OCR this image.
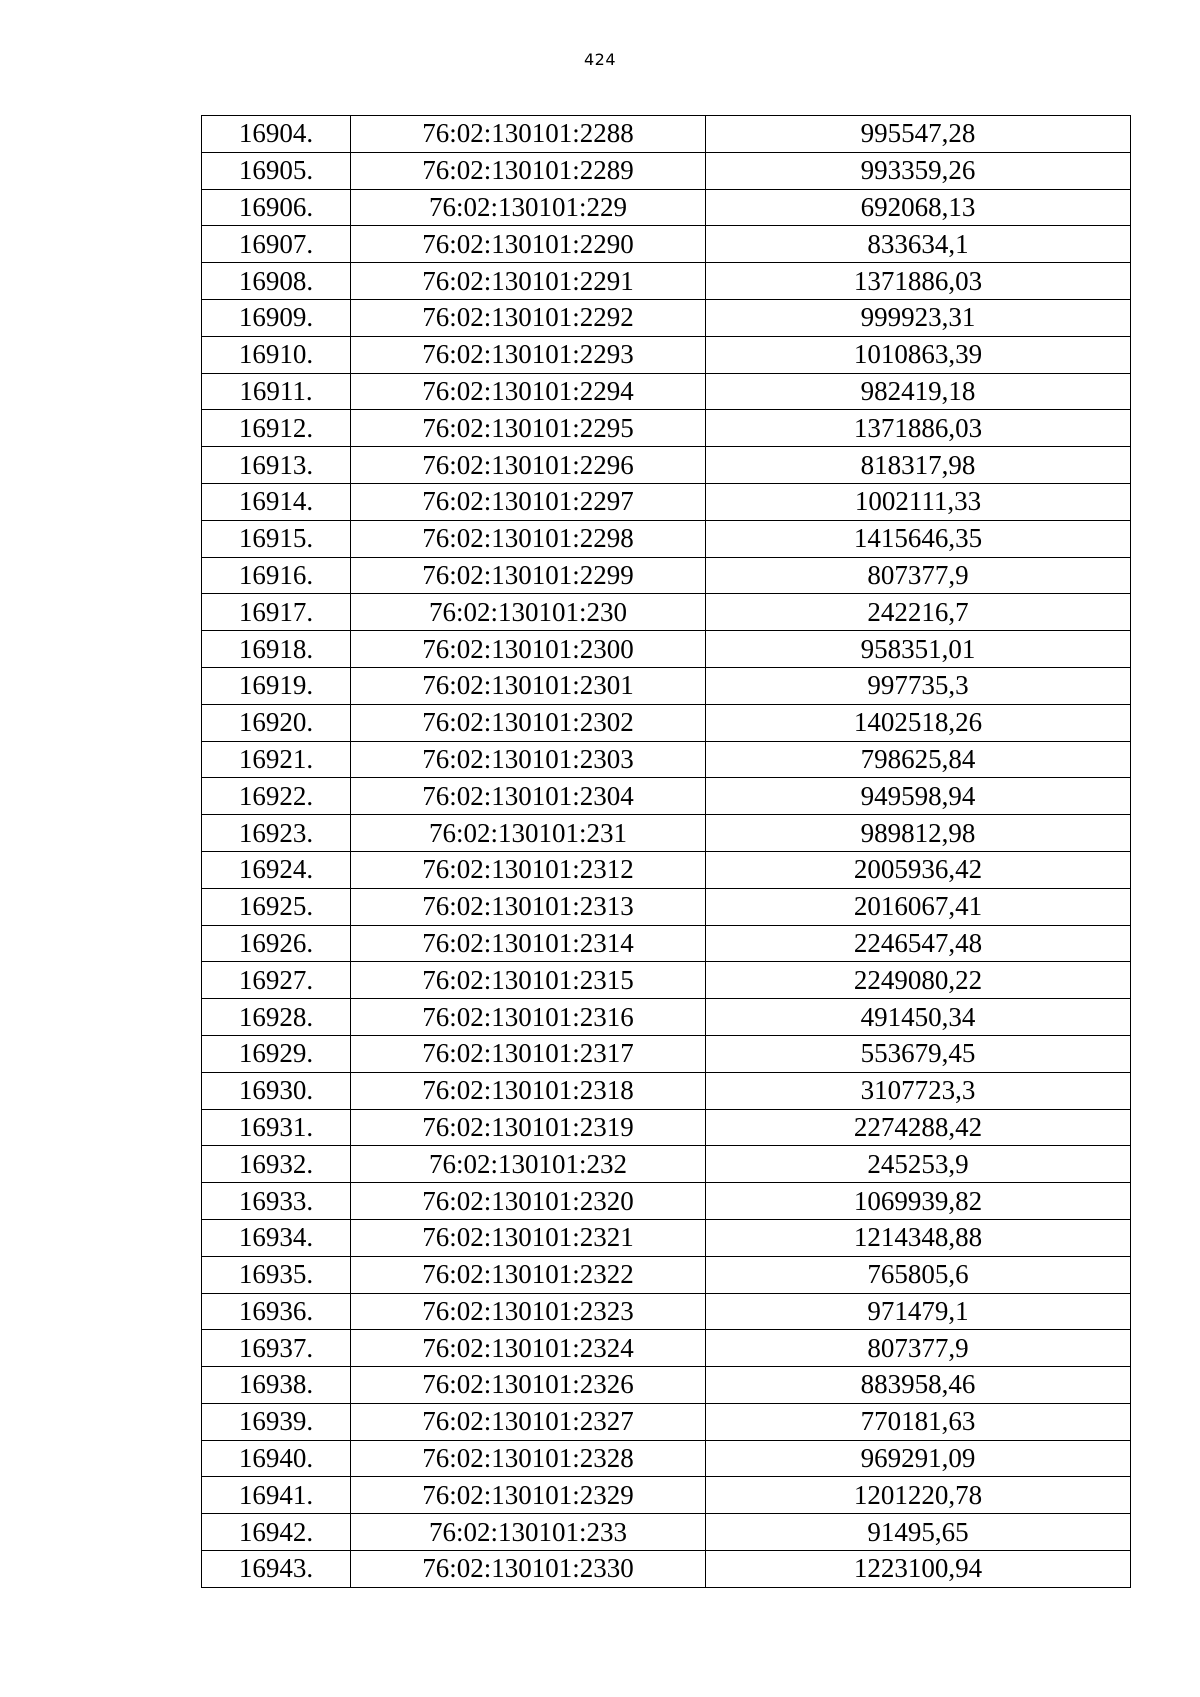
424
16904.	76:02:130101:2288	995547,28
16905.	76:02:130101:2289	993359,26
16906.	76:02:130101:229	692068,13
16907.	76:02:130101:2290	833634,1
16908.	76:02:130101:2291	1371886,03
16909.	76:02:130101:2292	999923,31
16910.	76:02:130101:2293	1010863,39
16911.	76:02:130101:2294	982419,18
16912.	76:02:130101:2295	1371886,03
16913.	76:02:130101:2296	818317,98
16914.	76:02:130101:2297	1002111,33
16915.	76:02:130101:2298	1415646,35
16916.	76:02:130101:2299	807377,9
16917.	76:02:130101:230	242216,7
16918.	76:02:130101:2300	958351,01
16919.	76:02:130101:2301	997735,3
16920.	76:02:130101:2302	1402518,26
16921.	76:02:130101:2303	798625,84
16922.	76:02:130101:2304	949598,94
16923.	76:02:130101:231	989812,98
16924.	76:02:130101:2312	2005936,42
16925.	76:02:130101:2313	2016067,41
16926.	76:02:130101:2314	2246547,48
16927.	76:02:130101:2315	2249080,22
16928.	76:02:130101:2316	491450,34
16929.	76:02:130101:2317	553679,45
16930.	76:02:130101:2318	3107723,3
16931.	76:02:130101:2319	2274288,42
16932.	76:02:130101:232	245253,9
16933.	76:02:130101:2320	1069939,82
16934.	76:02:130101:2321	1214348,88
16935.	76:02:130101:2322	765805,6
16936.	76:02:130101:2323	971479,1
16937.	76:02:130101:2324	807377,9
16938.	76:02:130101:2326	883958,46
16939.	76:02:130101:2327	770181,63
16940.	76:02:130101:2328	969291,09
16941.	76:02:130101:2329	1201220,78
16942.	76:02:130101:233	91495,65
16943.	76:02:130101:2330	1223100,94
